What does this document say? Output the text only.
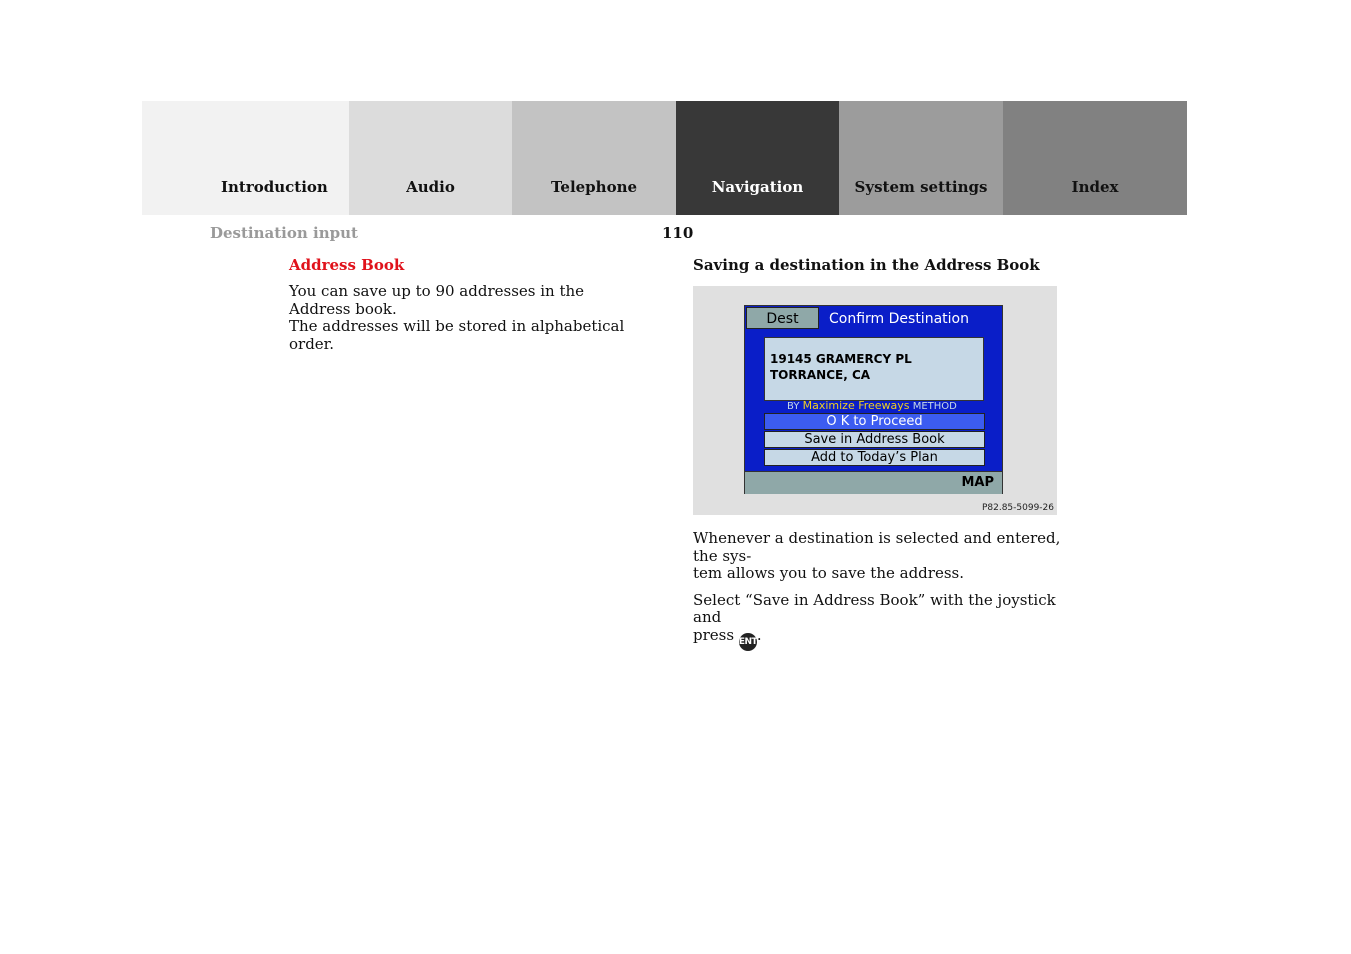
Introduction	Audio	Telephone	Navigation	System settings	Index
Destination input	110
Address Book

You can save up to 90 addresses in the Address book.
The addresses will be stored in alphabetical order.

Saving a destination in the Address Book
Dest	Confirm Destination
19145 GRAMERCY PL
TORRANCE, CA
BY Maximize Freeways METHOD
O K to Proceed
Save in Address Book
Add to Today’s Plan
MAP
P82.85-5099-26

Whenever a destination is selected and entered, the sys-
tem allows you to save the address.

Select “Save in Address Book” with the joystick and
press ENT.
